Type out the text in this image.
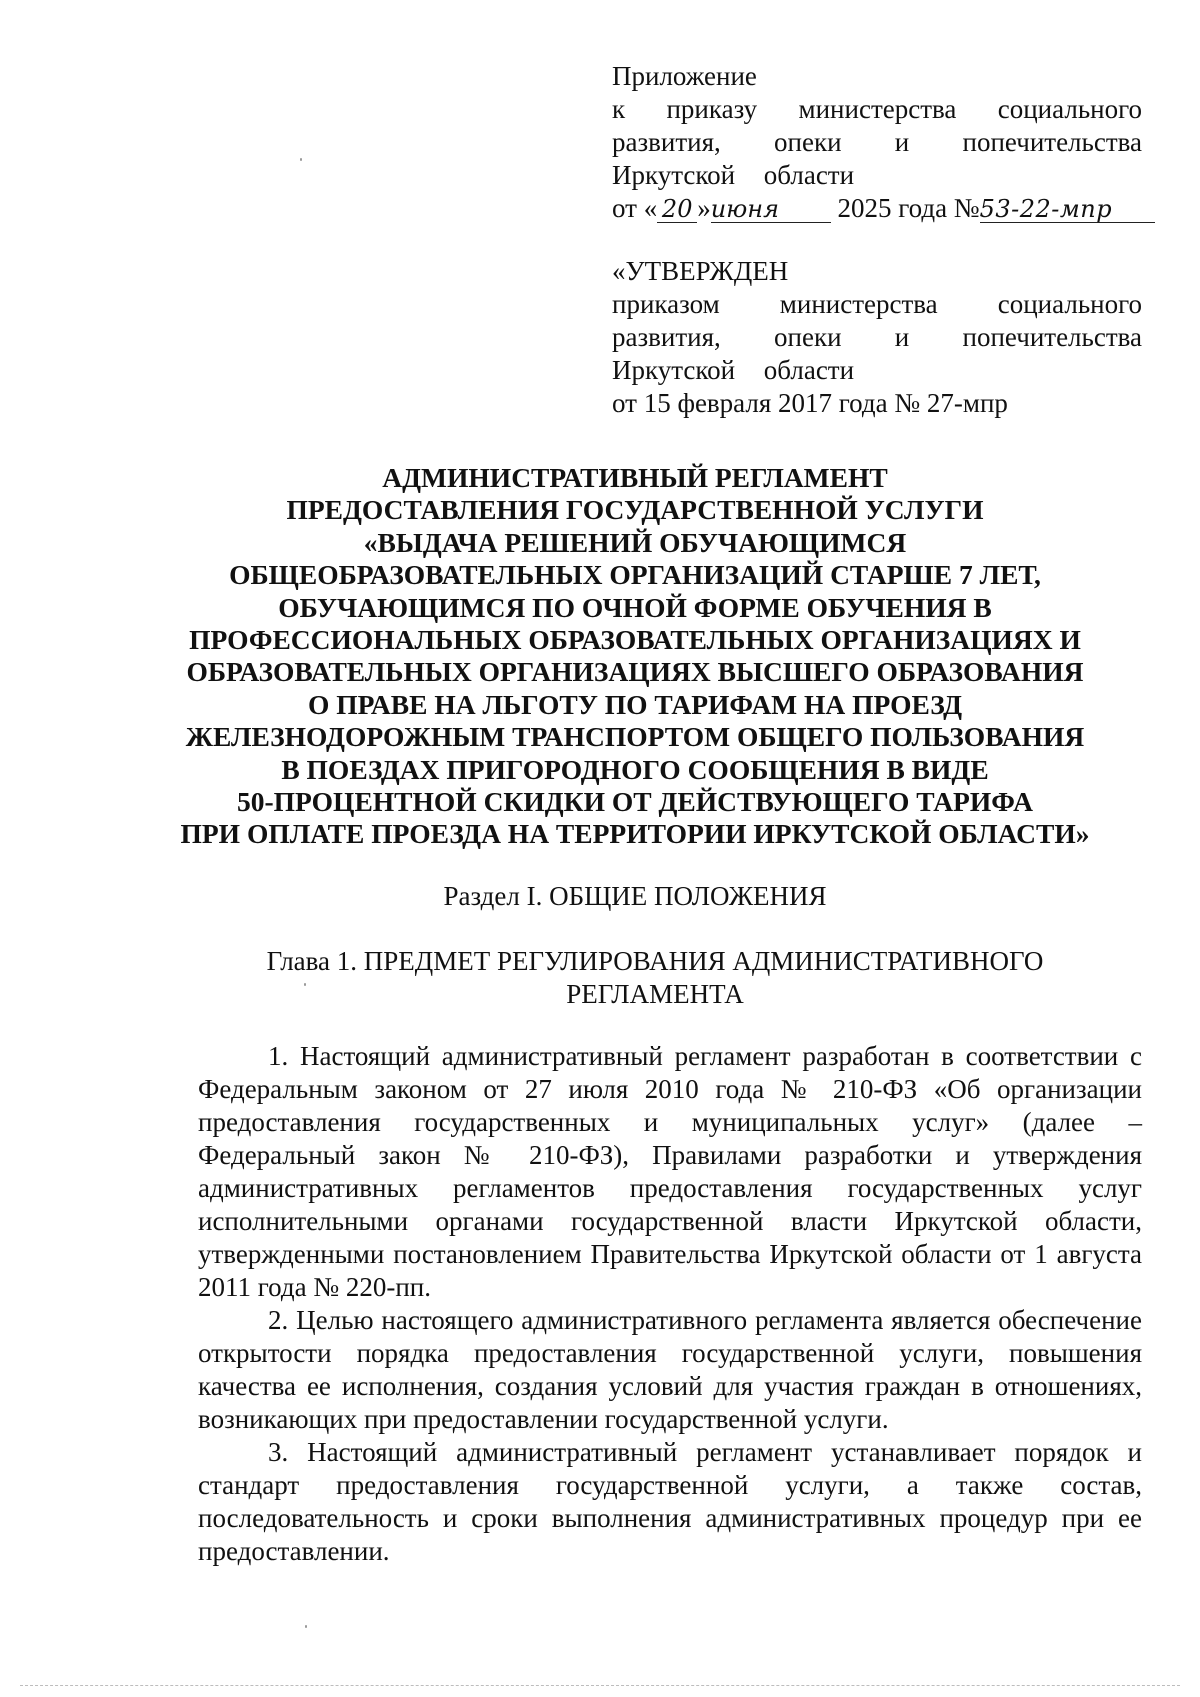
Приложение
к приказу министерства социального
развития, опеки и попечительства
Иркутской области
от « 20 »июня 2025 года №53-22-мпр
«УТВЕРЖДЕН
приказом министерства социального
развития, опеки и попечительства
Иркутской области
от 15 февраля 2017 года № 27-мпр
АДМИНИСТРАТИВНЫЙ РЕГЛАМЕНТ
ПРЕДОСТАВЛЕНИЯ ГОСУДАРСТВЕННОЙ УСЛУГИ
«ВЫДАЧА РЕШЕНИЙ ОБУЧАЮЩИМСЯ
ОБЩЕОБРАЗОВАТЕЛЬНЫХ ОРГАНИЗАЦИЙ СТАРШЕ 7 ЛЕТ,
ОБУЧАЮЩИМСЯ ПО ОЧНОЙ ФОРМЕ ОБУЧЕНИЯ В
ПРОФЕССИОНАЛЬНЫХ ОБРАЗОВАТЕЛЬНЫХ ОРГАНИЗАЦИЯХ И
ОБРАЗОВАТЕЛЬНЫХ ОРГАНИЗАЦИЯХ ВЫСШЕГО ОБРАЗОВАНИЯ
О ПРАВЕ НА ЛЬГОТУ ПО ТАРИФАМ НА ПРОЕЗД
ЖЕЛЕЗНОДОРОЖНЫМ ТРАНСПОРТОМ ОБЩЕГО ПОЛЬЗОВАНИЯ
В ПОЕЗДАХ ПРИГОРОДНОГО СООБЩЕНИЯ В ВИДЕ
50-ПРОЦЕНТНОЙ СКИДКИ ОТ ДЕЙСТВУЮЩЕГО ТАРИФА
ПРИ ОПЛАТЕ ПРОЕЗДА НА ТЕРРИТОРИИ ИРКУТСКОЙ ОБЛАСТИ»
Раздел I. ОБЩИЕ ПОЛОЖЕНИЯ
Глава 1. ПРЕДМЕТ РЕГУЛИРОВАНИЯ АДМИНИСТРАТИВНОГО
РЕГЛАМЕНТА

1. Настоящий административный регламент разработан в соответствии с Федеральным законом от 27 июля 2010 года № 210-ФЗ «Об организации предоставления государственных и муниципальных услуг» (далее – Федеральный закон № 210-ФЗ), Правилами разработки и утверждения административных регламентов предоставления государственных услуг исполнительными органами государственной власти Иркутской области, утвержденными постановлением Правительства Иркутской области от 1 августа 2011 года № 220-пп.

2. Целью настоящего административного регламента является обеспечение открытости порядка предоставления государственной услуги, повышения качества ее исполнения, создания условий для участия граждан в отношениях, возникающих при предоставлении государственной услуги.

3. Настоящий административный регламент устанавливает порядок и стандарт предоставления государственной услуги, а также состав, последовательность и сроки выполнения административных процедур при ее предоставлении.
